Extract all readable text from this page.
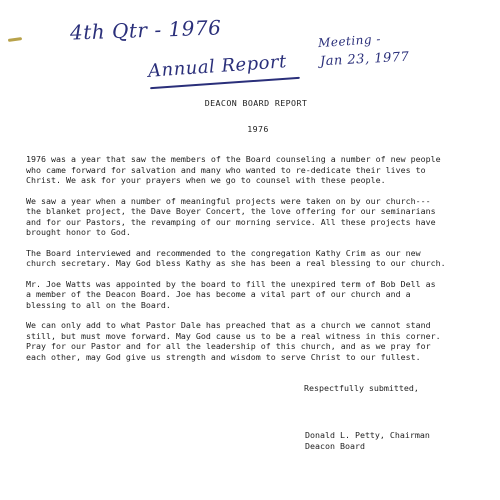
4th Qtr - 1976
Annual Report
Meeting -
Jan 23, 1977
DEACON BOARD REPORT
1976
1976 was a year that saw the members of the Board counseling a number of new people
who came forward for salvation and many who wanted to re-dedicate their lives to
Christ. We ask for your prayers when we go to counsel with these people.
We saw a year when a number of meaningful projects were taken on by our church---
the blanket project, the Dave Boyer Concert, the love offering for our seminarians
and for our Pastors, the revamping of our morning service. All these projects have
brought honor to God.
The Board interviewed and recommended to the congregation Kathy Crim as our new
church secretary. May God bless Kathy as she has been a real blessing to our church.
Mr. Joe Watts was appointed by the board to fill the unexpired term of Bob Dell as
a member of the Deacon Board. Joe has become a vital part of our church and a
blessing to all on the Board.
We can only add to what Pastor Dale has preached that as a church we cannot stand
still, but must move forward. May God cause us to be a real witness in this corner.
Pray for our Pastor and for all the leadership of this church, and as we pray for
each other, may God give us strength and wisdom to serve Christ to our fullest.
Respectfully submitted,
Donald L. Petty, Chairman
Deacon Board
